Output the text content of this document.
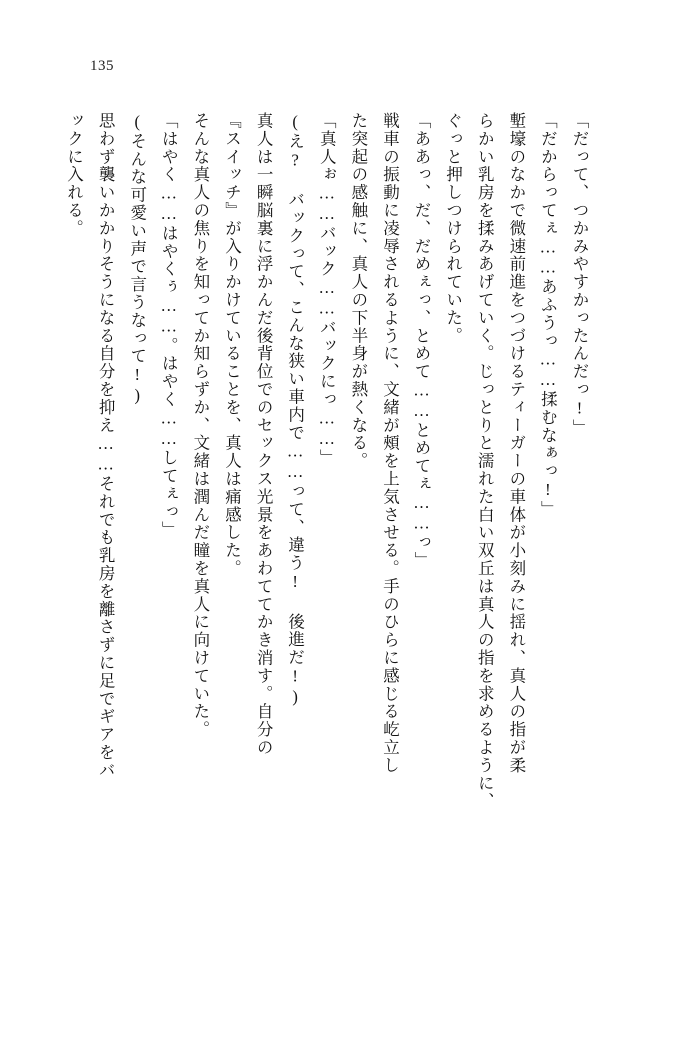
135
「だって、つかみやすかったんだっ!」
「だからってぇ……あふうっ……揉むなぁっ!」
塹壕のなかで微速前進をつづけるティーガーの車体が小刻みに揺れ、真人の指が柔
らかい乳房を揉みあげていく。じっとりと濡れた白い双丘は真人の指を求めるように、
ぐっと押しつけられていた。
「ああっ、だ、だめぇっ、とめて……とめてぇ……っ」
戦車の振動に凌辱されるように、文緒が頰を上気させる。手のひらに感じる屹立し
た突起の感触に、真人の下半身が熱くなる。
「真人ぉ……バック……バックにっ……」
(え? バックって、こんな狭い車内で……って、違う! 後進だ!)
真人は一瞬脳裏に浮かんだ後背位でのセックス光景をあわててかき消す。自分の
『スイッチ』が入りかけていることを、真人は痛感した。
そんな真人の焦りを知ってか知らずか、文緒は潤んだ瞳を真人に向けていた。
「はやく……はやくぅ……。はやく……してぇっ」
(そんな可愛い声で言うなって!)
思わず襲いかかりそうになる自分を抑え……それでも乳房を離さずに足でギアをバ
ックに入れる。
